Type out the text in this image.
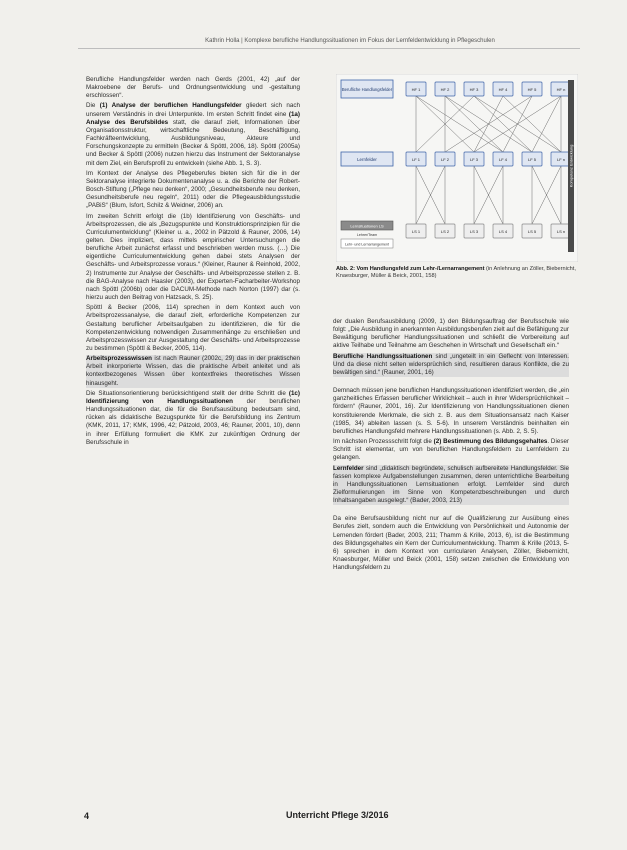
Kathrin Holla | Komplexe berufliche Handlungssituationen im Fokus der Lernfeldentwicklung in Pflegeschulen

Berufliche Handlungsfelder werden nach Gerds (2001, 42) „auf der Makroebene der Berufs- und Ordnungsentwicklung und -gestaltung erschlossen“.

Die (1) Analyse der beruflichen Handlungsfelder gliedert sich nach unserem Verständnis in drei Unterpunkte. Im ersten Schritt findet eine (1a) Analyse des Berufsbildes statt, die darauf zielt, Informationen über Organisationsstruktur, wirtschaftliche Bedeutung, Beschäftigung, Fachkräfteentwicklung, Ausbildungsniveau, Akteure und Forschungskonzepte zu ermitteln (Becker & Spöttl, 2006, 18). Spöttl (2005a) und Becker & Spöttl (2006) nutzen hierzu das Instrument der Sektoranalyse mit dem Ziel, ein Berufsprofil zu entwickeln (siehe Abb. 1, S. 3).

Im Kontext der Analyse des Pflegeberufes bieten sich für die in der Sektoranalyse integrierte Dokumentenanalyse u. a. die Berichte der Robert-Bosch-Stiftung („Pflege neu denken“, 2000; „Gesundheitsberufe neu denken, Gesundheitsberufe neu regeln“, 2011) oder die Pflegeausbildungsstudie „PABiS“ (Blum, Isfort, Schilz & Weidner, 2006) an.

Im zweiten Schritt erfolgt die (1b) Identifizierung von Geschäfts- und Arbeitsprozessen, die als „Bezugspunkte und Konstruktionsprinzipien für die Curriculumentwicklung“ (Kleiner u. a., 2002 in Pätzold & Rauner, 2006, 14) gelten. Dies impliziert, dass mittels empirischer Untersuchungen die berufliche Arbeit zunächst erfasst und beschrieben werden muss. (…) Die eigentliche Curriculumentwicklung gehen dabei stets Analysen der Geschäfts- und Arbeitsprozesse voraus.“ (Kleiner, Rauner & Reinhold, 2002, 2) Instrumente zur Analyse der Geschäfts- und Arbeitsprozesse stellen z. B. die BAG-Analyse nach Haasler (2003), der Experten-Facharbeiter-Workshop nach Spöttl (2006b) oder die DACUM-Methode nach Norton (1997) dar (s. hierzu auch den Beitrag von Hatzsack, S. 25).

Spöttl & Becker (2006, 114) sprechen in dem Kontext auch von Arbeitsprozessanalyse, die darauf zielt, erforderliche Kompetenzen zur Gestaltung beruflicher Arbeitsaufgaben zu identifizieren, die für die Kompetenzentwicklung notwendigen Zusammenhänge zu erschließen und Arbeitsprozesswissen zur Ausgestaltung der Geschäfts- und Arbeitsprozesse zu bestimmen (Spöttl & Becker, 2005, 114).

Arbeitsprozesswissen ist nach Rauner (2002c, 29) das in der praktischen Arbeit inkorporierte Wissen, das die praktische Arbeit anleitet und als kontextbezogenes Wissen über kontextfreies theoretisches Wissen hinausgeht.

Die Situationsorientierung berücksichtigend stellt der dritte Schritt die (1c) Identifizierung von Handlungssituationen der beruflichen Handlungssituationen dar, die für die Berufsausübung bedeutsam sind, rücken als didaktische Bezugspunkte für die Berufsbildung ins Zentrum (KMK, 2011, 17; KMK, 1996, 42; Pätzold, 2003, 46; Rauner, 2001, 10), denn in ihrer Erfüllung formuliert die KMK zur zukünftigen Ordnung der Berufsschule in

HF 1	HF 2	HF 3	HF 4	HF 5	HF n
LF 1	LF 2	LF 3	LF 4	LF 5	LF n
LS 1	LS 2	LS 3	LS 4	LS 5	LS n
Berufliche Handlungsfelder
Lernfelder
Lernsituationen LS
Lehrer/Team
Lehr- und Lernarrangement
Kompetenz Entwicklung
Abb. 2: Vom Handlungsfeld zum Lehr-/Lernarrangement (in Anlehnung an Zöller, Biebernicht, Knaesburger, Müller & Beick, 2001, 158)

der dualen Berufsausbildung (2009, 1) den Bildungsauftrag der Berufsschule wie folgt: „Die Ausbildung in anerkannten Ausbildungsberufen zielt auf die Befähigung zur Bewältigung beruflicher Handlungssituationen und schließt die Vorbereitung auf aktive Teilhabe und Teilnahme am Geschehen in Wirtschaft und Gesellschaft ein.“

Berufliche Handlungssituationen sind „ungeteilt in ein Geflecht von Interessen. Und da diese nicht selten widersprüchlich sind, resultieren daraus Konflikte, die zu bewältigen sind.“ (Rauner, 2001, 16)

Demnach müssen jene beruflichen Handlungssituationen identifiziert werden, die „ein ganzheitliches Erfassen beruflicher Wirklichkeit – auch in ihrer Widersprüchlichkeit – fördern“ (Rauner, 2001, 16). Zur Identifizierung von Handlungssituationen dienen konstituierende Merkmale, die sich z. B. aus dem Situationsansatz nach Kaiser (1985, 34) ableiten lassen (s. S. 5-6). In unserem Verständnis beinhalten ein berufliches Handlungsfeld mehrere Handlungssituationen (s. Abb. 2, S. 5).

Im nächsten Prozessschritt folgt die (2) Bestimmung des Bildungsgehaltes. Dieser Schritt ist elementar, um von beruflichen Handlungsfeldern zu Lernfeldern zu gelangen.

Lernfelder sind „didaktisch begründete, schulisch aufbereitete Handlungsfelder. Sie fassen komplexe Aufgabenstellungen zusammen, deren unterrichtliche Bearbeitung in Handlungssituationen Lernsituationen erfolgt. Lernfelder sind durch Zielformulierungen im Sinne von Kompetenzbeschreibungen und durch Inhaltsangaben ausgelegt.“ (Bader, 2003, 213)

Da eine Berufsausbildung nicht nur auf die Qualifizierung zur Ausübung eines Berufes zielt, sondern auch die Entwicklung von Persönlichkeit und Autonomie der Lernenden fördert (Bader, 2003, 211; Thamm & Krille, 2013, 6), ist die Bestimmung des Bildungsgehaltes ein Kern der Curriculumentwicklung. Thamm & Krille (2013, 5-6) sprechen in dem Kontext von curricularen Analysen, Zöller, Biebernicht, Knaesburger, Müller und Beick (2001, 158) setzen zwischen die Entwicklung von Handlungsfeldern zu

4	Unterricht Pflege 3/2016
